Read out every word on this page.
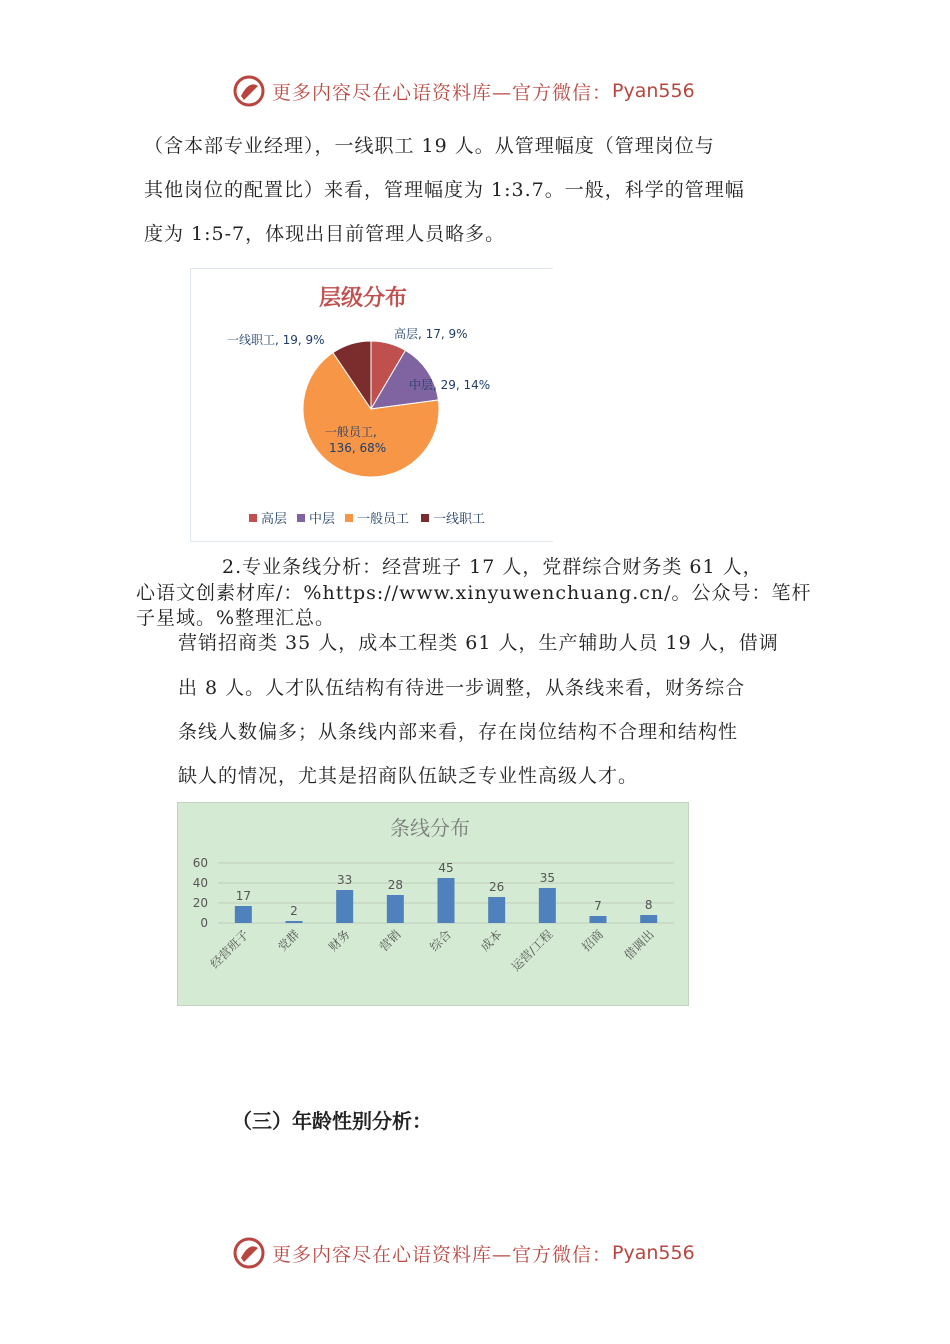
更多内容尽在心语资料库—官方微信： Pyan556
（含本部专业经理），一线职工 19 人。从管理幅度（管理岗位与
其他岗位的配置比）来看，管理幅度为 1:3.7。一般，科学的管理幅
度为 1:5-7，体现出目前管理人员略多。
层级分布
一线职工, 19, 9%	高层, 17, 9%
中层, 29, 14%
一般员工,
136, 68%
高层 中层 一般员工 一线职工
2.专业条线分析：经营班子 17 人，党群综合财务类 61 人，
心语文创素材库/：%https://www.xinyuwenchuang.cn/。公众号：笔杆
子星域。%整理汇总。
营销招商类 35 人，成本工程类 61 人，生产辅助人员 19 人，借调
出 8 人。人才队伍结构有待进一步调整，从条线来看，财务综合
条线人数偏多；从条线内部来看，存在岗位结构不合理和结构性
缺人的情况，尤其是招商队伍缺乏专业性高级人才。
条线分布
60
40
20
0
17
经营班子
2
党群
33
财务
28
营销
45
综合
26
成本
35
运营/工程
7
招商
8
借调出
（三）年龄性别分析：
更多内容尽在心语资料库—官方微信： Pyan556
